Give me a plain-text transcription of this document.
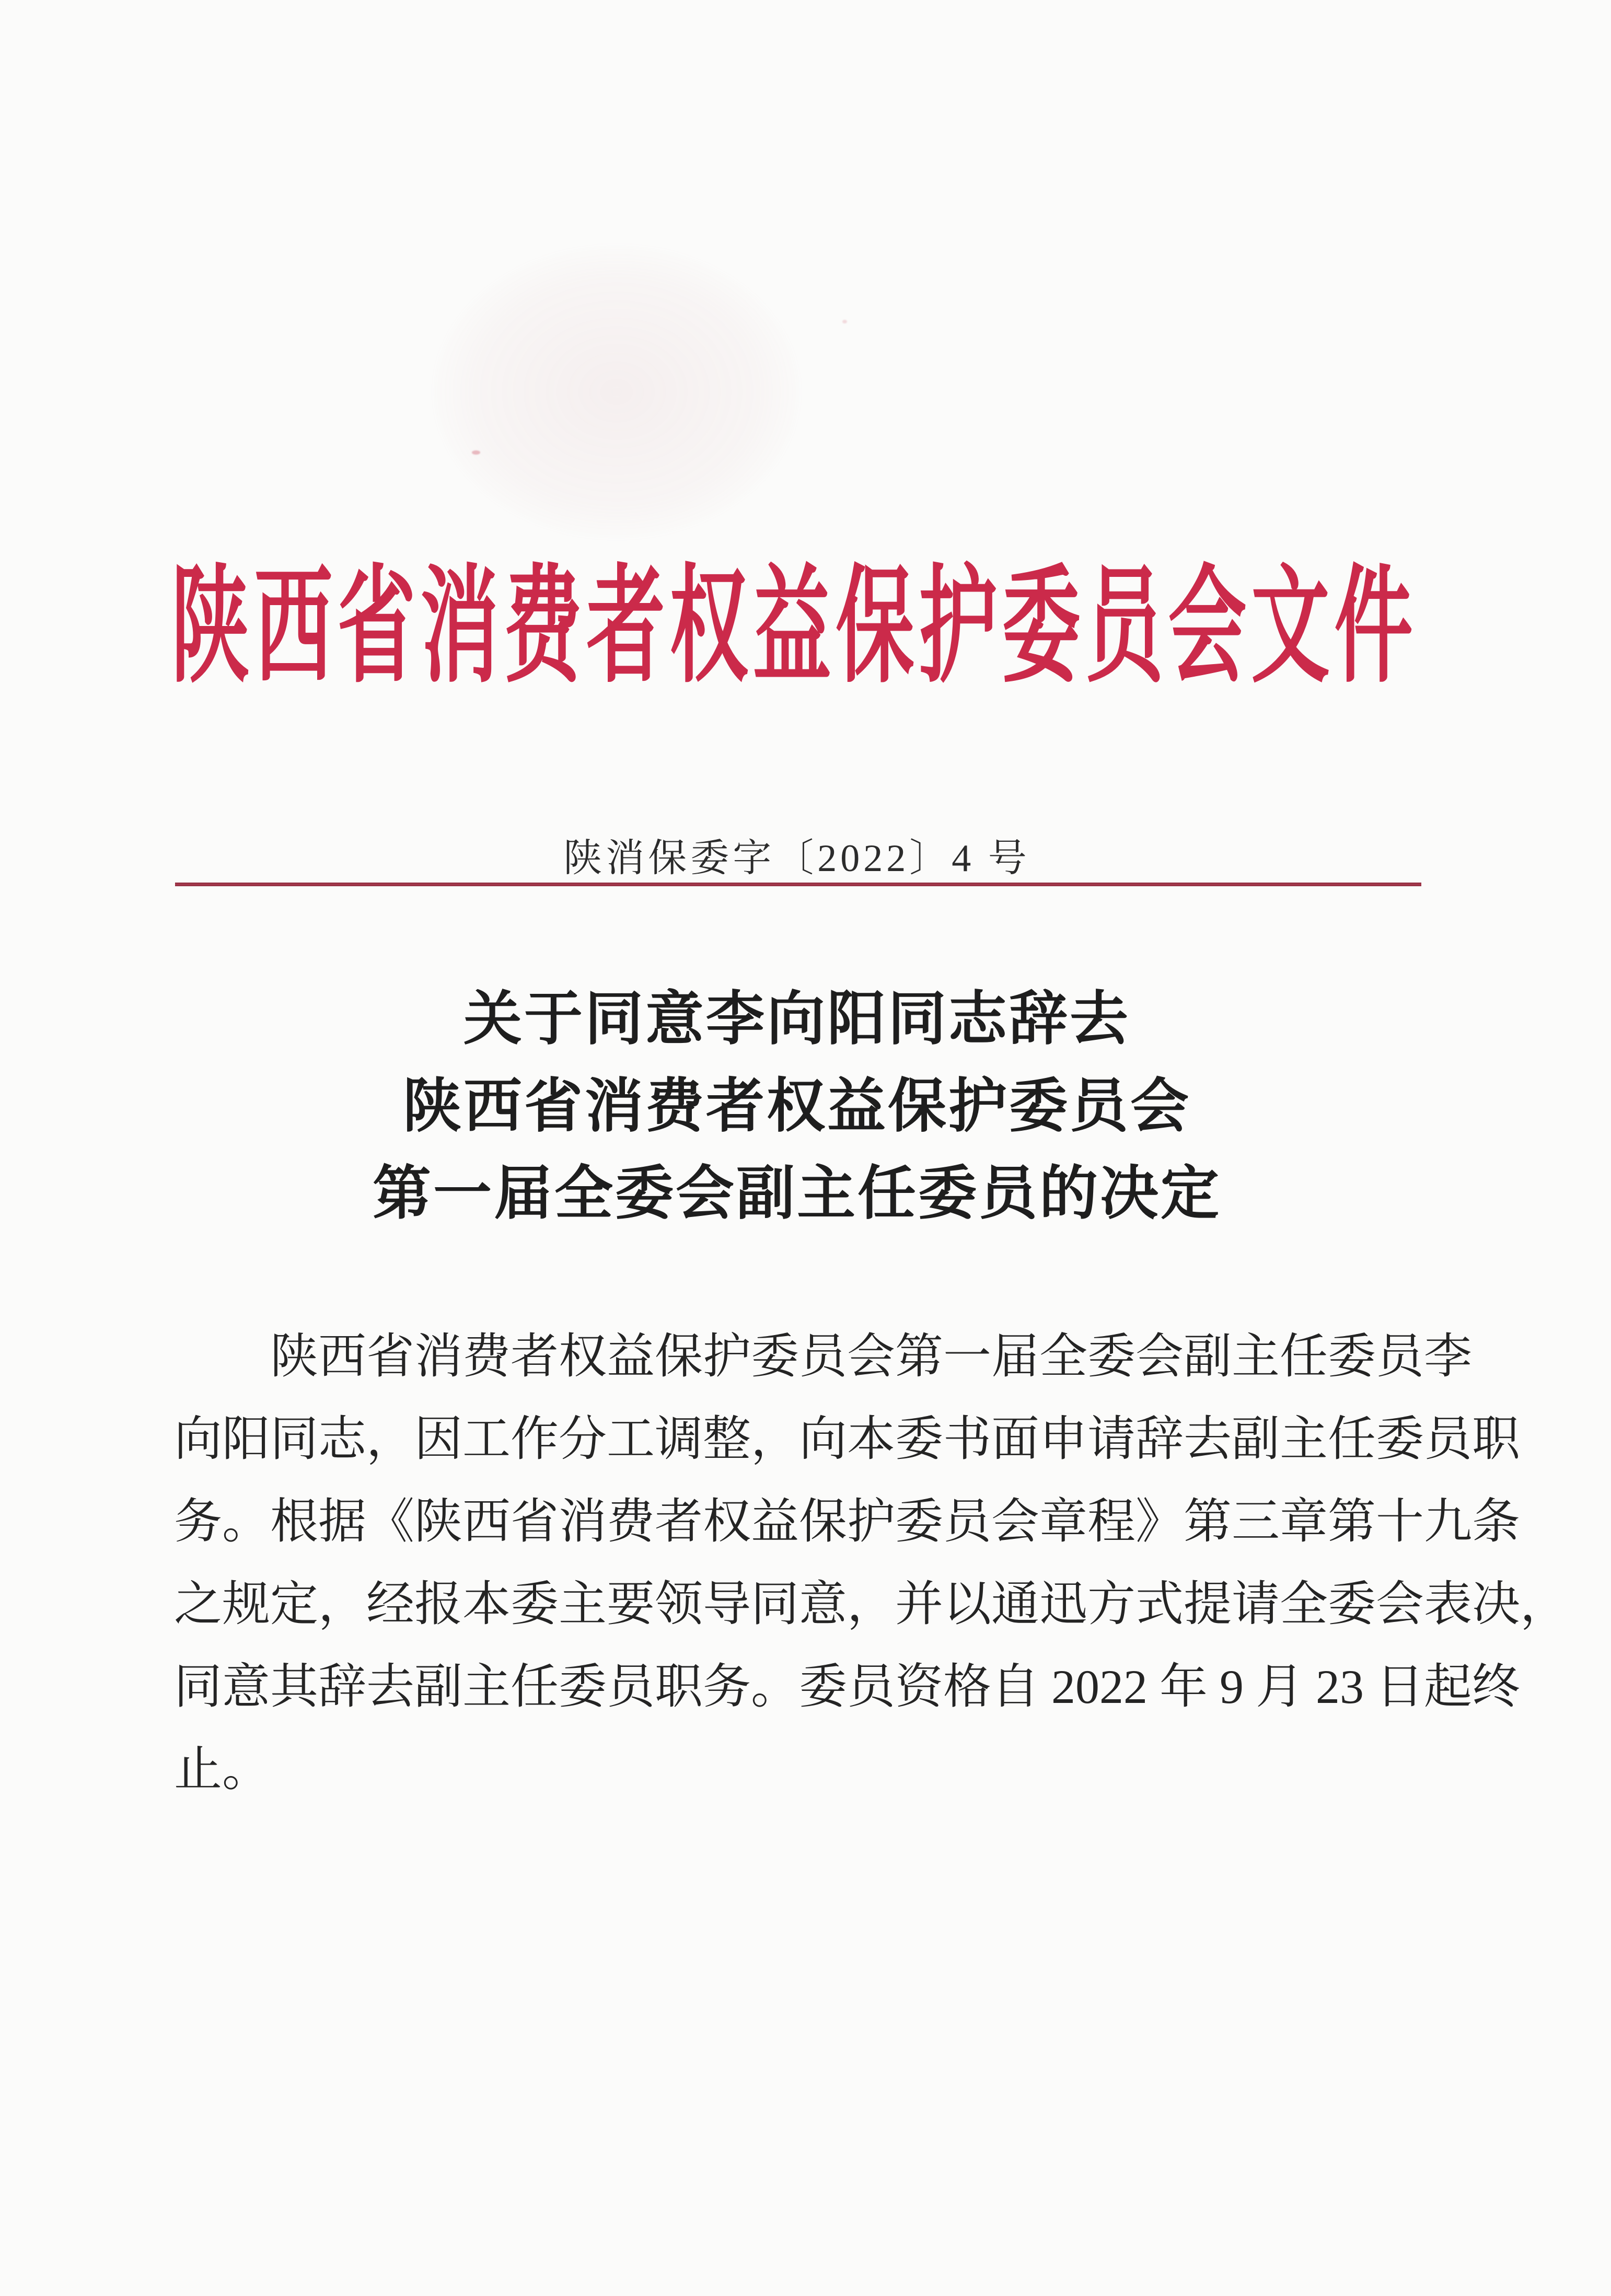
陕西省消费者权益保护委员会文件
陕消保委字〔2022〕4 号
关于同意李向阳同志辞去
陕西省消费者权益保护委员会
第一届全委会副主任委员的决定
陕西省消费者权益保护委员会第一届全委会副主任委员李
向阳同志，因工作分工调整，向本委书面申请辞去副主任委员职
务。根据《陕西省消费者权益保护委员会章程》第三章第十九条
之规定，经报本委主要领导同意，并以通迅方式提请全委会表决，
同意其辞去副主任委员职务。委员资格自 2022 年 9 月 23 日起终
止。
